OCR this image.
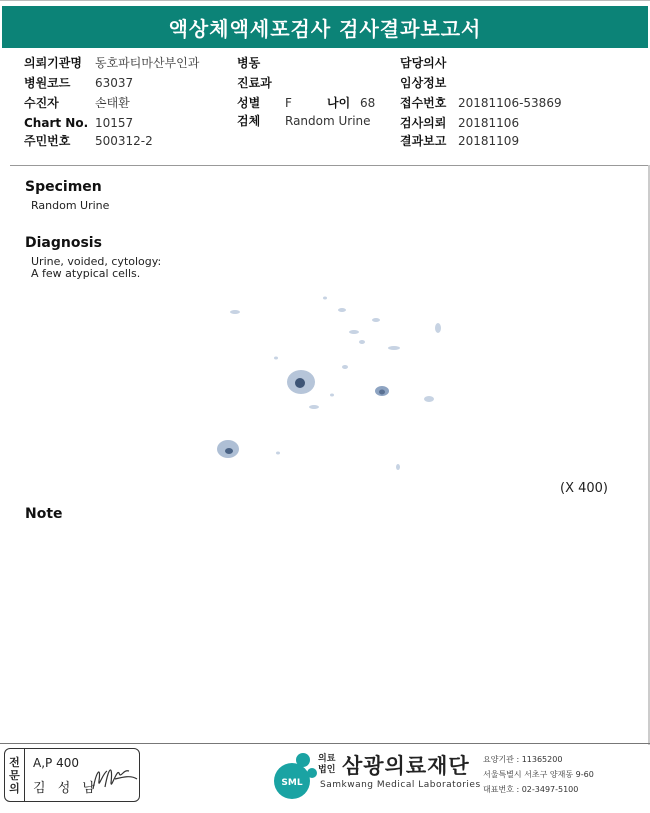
액상체액세포검사 검사결과보고서
의뢰기관명 동호파티마산부인과
병원코드 63037
수진자	손태환
Chart No. 10157
주민번호 500312-2
병동
진료과
성별 F	나이 68
검체 Random Urine
담당의사
임상정보
접수번호 20181106-53869
검사의뢰 20181106
결과보고 20181109
Specimen
Random Urine
Diagnosis
Urine, voided, cytology:
A few atypical cells.
(X 400)
Note
전
문
의
A,P 400
김 성 남	SML
의료
법인 삼광의료재단
Samkwang Medical Laboratories
요양기관 : 11365200
서울특별시 서초구 양재동 9-60
대표번호 : 02-3497-5100
